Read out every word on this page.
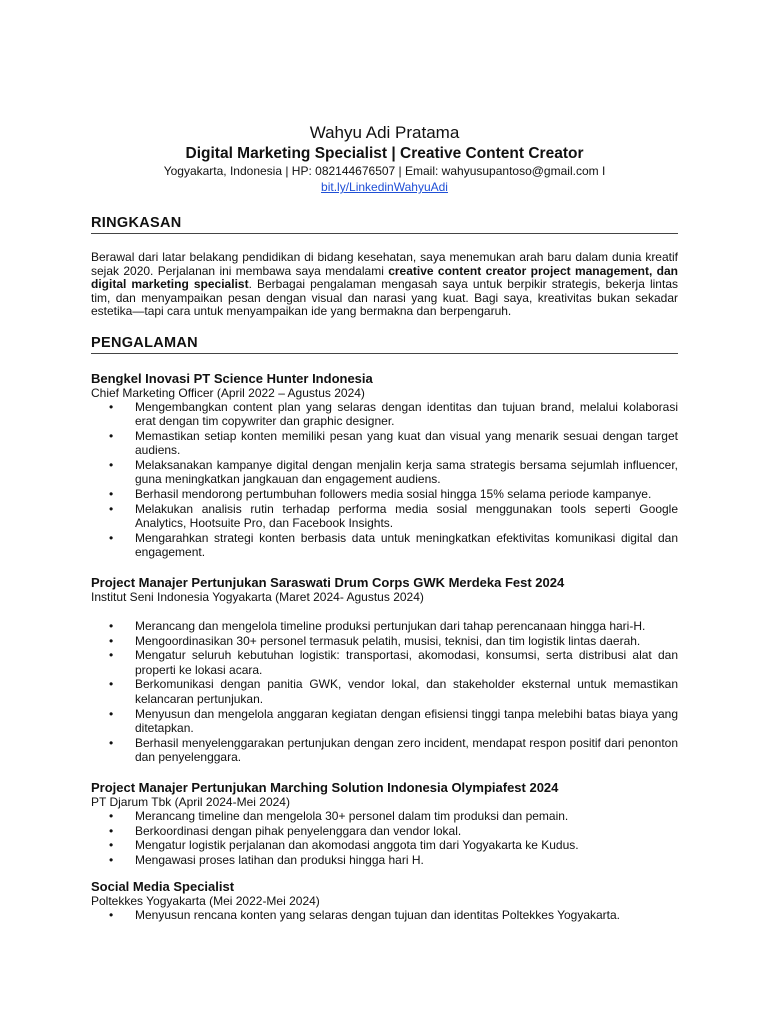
Wahyu Adi Pratama

Digital Marketing Specialist | Creative Content Creator

Yogyakarta, Indonesia | HP: 082144676507 | Email: wahyusupantoso@gmail.com I

bit.ly/LinkedinWahyuAdi

RINGKASAN

Berawal dari latar belakang pendidikan di bidang kesehatan, saya menemukan arah baru dalam dunia kreatif sejak 2020. Perjalanan ini membawa saya mendalami creative content creator project management, dan digital marketing specialist. Berbagai pengalaman mengasah saya untuk berpikir strategis, bekerja lintas tim, dan menyampaikan pesan dengan visual dan narasi yang kuat. Bagi saya, kreativitas bukan sekadar estetika—tapi cara untuk menyampaikan ide yang bermakna dan berpengaruh.

PENGALAMAN

Bengkel Inovasi PT Science Hunter Indonesia

Chief Marketing Officer (April 2022 – Agustus 2024)

• Mengembangkan content plan yang selaras dengan identitas dan tujuan brand, melalui kolaborasi erat dengan tim copywriter dan graphic designer.
• Memastikan setiap konten memiliki pesan yang kuat dan visual yang menarik sesuai dengan target audiens.
• Melaksanakan kampanye digital dengan menjalin kerja sama strategis bersama sejumlah influencer, guna meningkatkan jangkauan dan engagement audiens.
• Berhasil mendorong pertumbuhan followers media sosial hingga 15% selama periode kampanye.
• Melakukan analisis rutin terhadap performa media sosial menggunakan tools seperti Google Analytics, Hootsuite Pro, dan Facebook Insights.
• Mengarahkan strategi konten berbasis data untuk meningkatkan efektivitas komunikasi digital dan engagement.

Project Manajer Pertunjukan Saraswati Drum Corps GWK Merdeka Fest 2024

Institut Seni Indonesia Yogyakarta (Maret 2024- Agustus 2024)

• Merancang dan mengelola timeline produksi pertunjukan dari tahap perencanaan hingga hari-H.
• Mengoordinasikan 30+ personel termasuk pelatih, musisi, teknisi, dan tim logistik lintas daerah.
• Mengatur seluruh kebutuhan logistik: transportasi, akomodasi, konsumsi, serta distribusi alat dan properti ke lokasi acara.
• Berkomunikasi dengan panitia GWK, vendor lokal, dan stakeholder eksternal untuk memastikan kelancaran pertunjukan.
• Menyusun dan mengelola anggaran kegiatan dengan efisiensi tinggi tanpa melebihi batas biaya yang ditetapkan.
• Berhasil menyelenggarakan pertunjukan dengan zero incident, mendapat respon positif dari penonton dan penyelenggara.

Project Manajer Pertunjukan Marching Solution Indonesia Olympiafest 2024

PT Djarum Tbk (April 2024-Mei 2024)

• Merancang timeline dan mengelola 30+ personel dalam tim produksi dan pemain.
• Berkoordinasi dengan pihak penyelenggara dan vendor lokal.
• Mengatur logistik perjalanan dan akomodasi anggota tim dari Yogyakarta ke Kudus.
• Mengawasi proses latihan dan produksi hingga hari H.

Social Media Specialist

Poltekkes Yogyakarta (Mei 2022-Mei 2024)

• Menyusun rencana konten yang selaras dengan tujuan dan identitas Poltekkes Yogyakarta.
